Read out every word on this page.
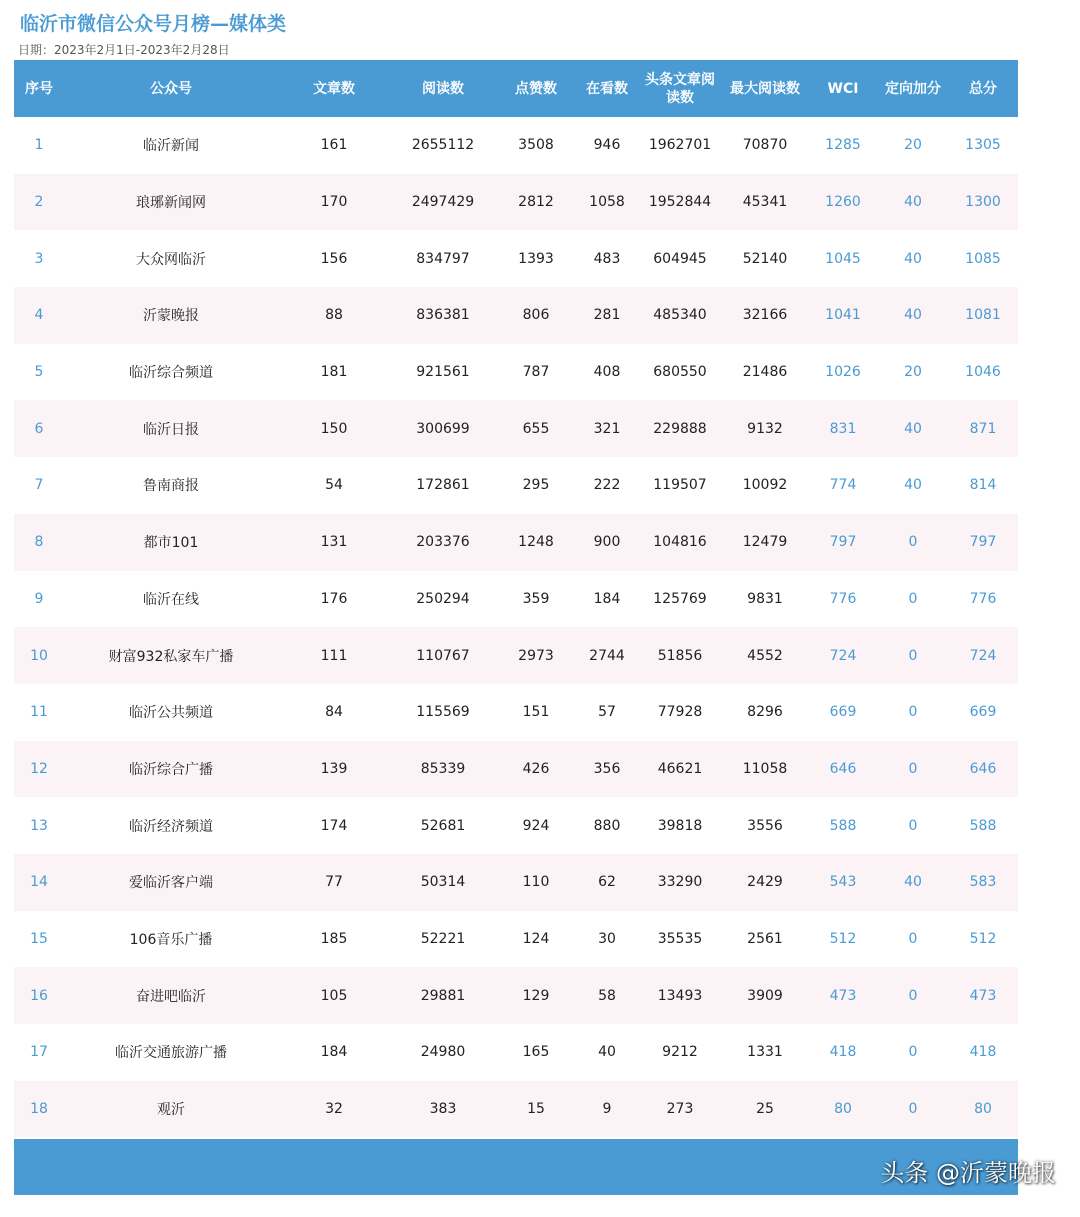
临沂市微信公众号月榜—媒体类
日期：2023年2月1日-2023年2月28日
序号	公众号	文章数	阅读数	点赞数	在看数	头条文章阅读数	最大阅读数	WCI	定向加分	总分
1	临沂新闻	161	2655112	3508	946	1962701	70870	1285	20	1305
2	琅琊新闻网	170	2497429	2812	1058	1952844	45341	1260	40	1300
3	大众网临沂	156	834797	1393	483	604945	52140	1045	40	1085
4	沂蒙晚报	88	836381	806	281	485340	32166	1041	40	1081
5	临沂综合频道	181	921561	787	408	680550	21486	1026	20	1046
6	临沂日报	150	300699	655	321	229888	9132	831	40	871
7	鲁南商报	54	172861	295	222	119507	10092	774	40	814
8	都市101	131	203376	1248	900	104816	12479	797	0	797
9	临沂在线	176	250294	359	184	125769	9831	776	0	776
10	财富932私家车广播	111	110767	2973	2744	51856	4552	724	0	724
11	临沂公共频道	84	115569	151	57	77928	8296	669	0	669
12	临沂综合广播	139	85339	426	356	46621	11058	646	0	646
13	临沂经济频道	174	52681	924	880	39818	3556	588	0	588
14	爱临沂客户端	77	50314	110	62	33290	2429	543	40	583
15	106音乐广播	185	52221	124	30	35535	2561	512	0	512
16	奋进吧临沂	105	29881	129	58	13493	3909	473	0	473
17	临沂交通旅游广播	184	24980	165	40	9212	1331	418	0	418
18	观沂	32	383	15	9	273	25	80	0	80
头条 @沂蒙晚报
